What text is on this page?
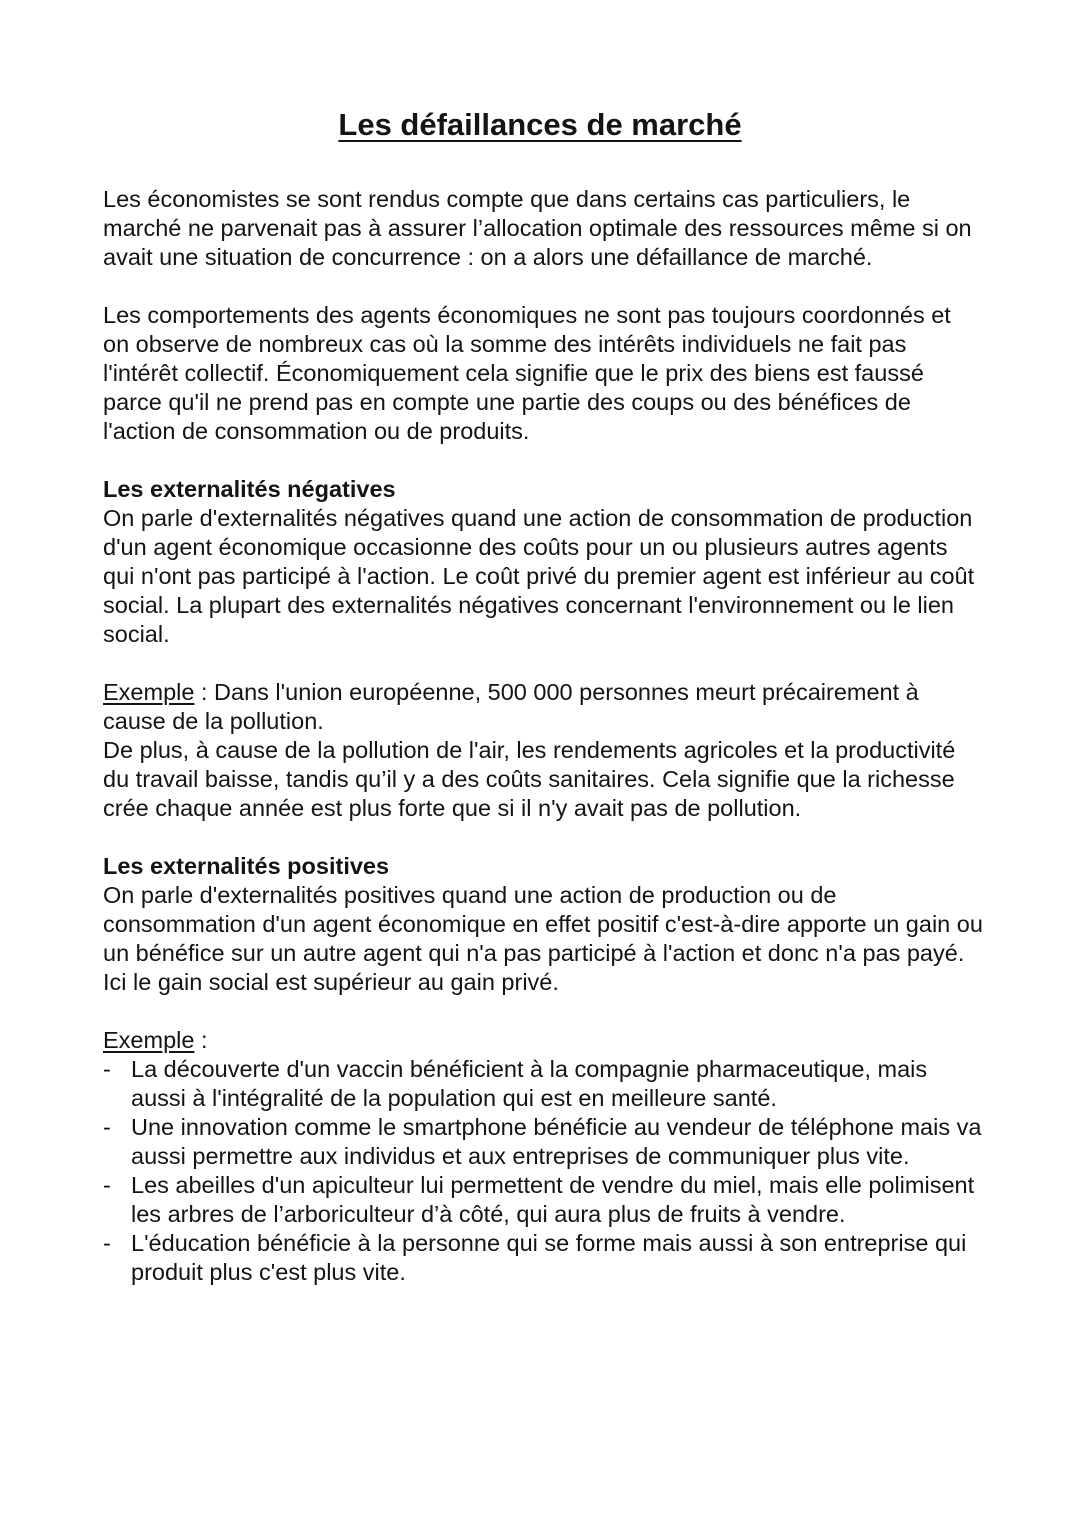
Les défaillances de marché

Les économistes se sont rendus compte que dans certains cas particuliers, le marché ne parvenait pas à assurer l’allocation optimale des ressources même si on avait une situation de concurrence : on a alors une défaillance de marché.

Les comportements des agents économiques ne sont pas toujours coordonnés et on observe de nombreux cas où la somme des intérêts individuels ne fait pas l'intérêt collectif. Économiquement cela signifie que le prix des biens est faussé parce qu'il ne prend pas en compte une partie des coups ou des bénéfices de l'action de consommation ou de produits.

Les externalités négatives

On parle d'externalités négatives quand une action de consommation de production d'un agent économique occasionne des coûts pour un ou plusieurs autres agents qui n'ont pas participé à l'action. Le coût privé du premier agent est inférieur au coût social. La plupart des externalités négatives concernant l'environnement ou le lien social.

Exemple : Dans l'union européenne, 500 000 personnes meurt précairement à cause de la pollution.

De plus, à cause de la pollution de l'air, les rendements agricoles et la productivité du travail baisse, tandis qu’il y a des coûts sanitaires. Cela signifie que la richesse crée chaque année est plus forte que si il n'y avait pas de pollution.

Les externalités positives

On parle d'externalités positives quand une action de production ou de consommation d'un agent économique en effet positif c'est-à-dire apporte un gain ou un bénéfice sur un autre agent qui n'a pas participé à l'action et donc n'a pas payé. Ici le gain social est supérieur au gain privé.

Exemple :

- La découverte d'un vaccin bénéficient à la compagnie pharmaceutique, mais aussi à l'intégralité de la population qui est en meilleure santé.
- Une innovation comme le smartphone bénéficie au vendeur de téléphone mais va aussi permettre aux individus et aux entreprises de communiquer plus vite.
- Les abeilles d'un apiculteur lui permettent de vendre du miel, mais elle polimisent les arbres de l’arboriculteur d’à côté, qui aura plus de fruits à vendre.
- L'éducation bénéficie à la personne qui se forme mais aussi à son entreprise qui produit plus c'est plus vite.
